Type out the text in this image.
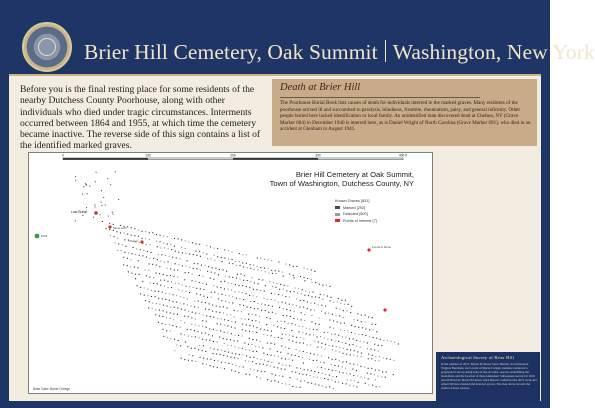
Brier Hill Cemetery, Oak Summit Washington, New York
Before you is the final resting place for some residents of the nearby Dutchess County Poorhouse, along with other individuals who died under tragic circumstances. Interments occurred between 1864 and 1955, at which time the cemetery became inactive. The reverse side of this sign contains a list of the identified marked graves.
Death at Brier Hill
The Poorhouse Burial Book lists causes of death for individuals interred in the marked graves. Many residents of the poorhouse arrived ill and succumbed to paralysis, blindness, frostbite, rheumatism, palsy, and general infirmity. Other people buried here lacked identification or local family. An unidentified man discovered dead at Chelsea, NY (Grave Marker 684) in December 1940 is interred here, as is Daniel Wright of North Carolina (Grave Marker 691), who died in an accident at Glenham in August 1941.
0	100	200	300	400 ft
Lost Burial
Stone Arch
Chapel
Found in Stone
1929
Brier Hill Cemetery at Oak Summit,
Town of Washington, Dutchess County, NY
Known Graves [831]
Marked [292]
Detected [500]
Points of Interest [7]
Base Data: Marist College
Archaeological Survey of Brier Hill
In the summer of 2015, Marist Professor Steve Herbert, local historian Virginia Buechele, and a team of Marist College students conducted a geophysical survey using state-of-the-art radar, used in establishing the boundaries and the location of these unmarked. Subsequent surveys in 2016 and 2018 led by Marist Professor April Beisaw confirmed the 2015 work and added 500 new marked and detected graves. The map above records the extent of these surveys.
